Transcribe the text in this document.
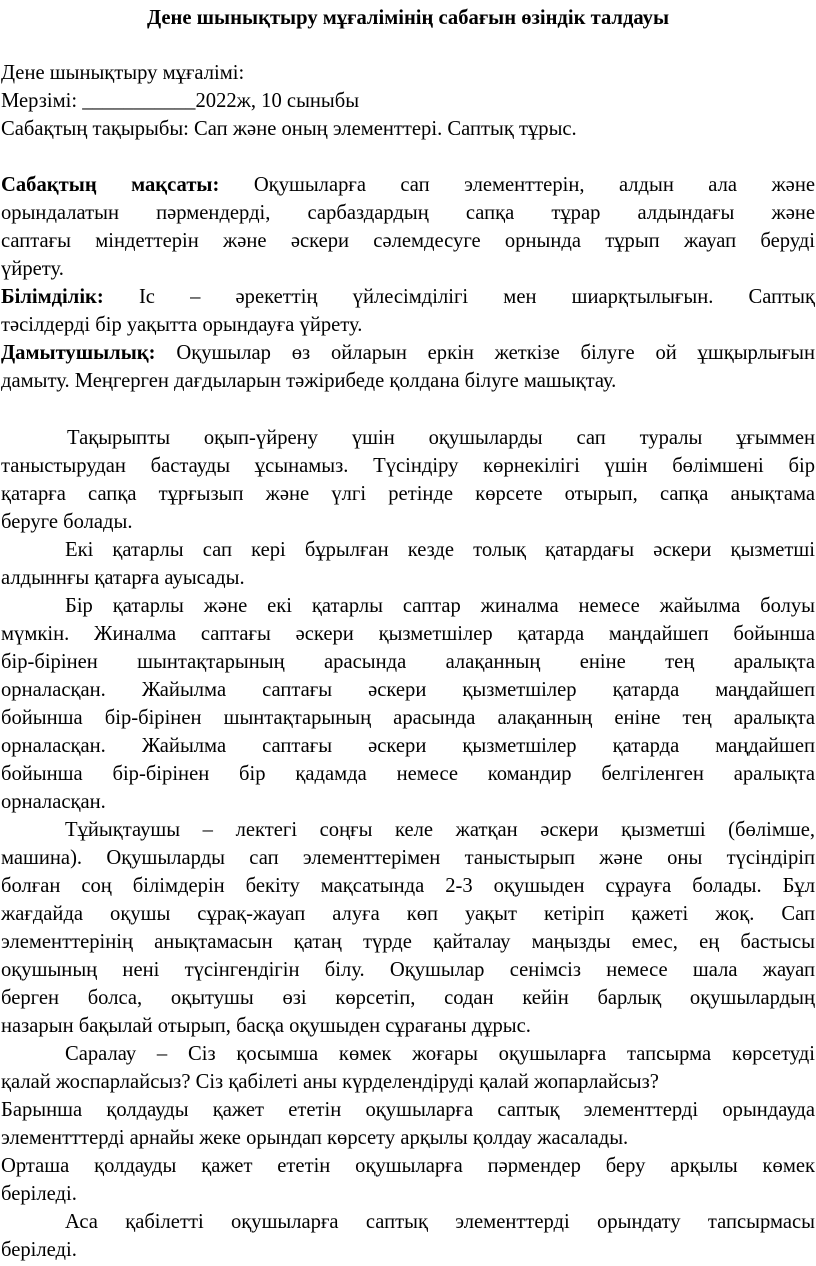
Дене шынықтыру мұғалімінің сабағын өзіндік талдауы
Дене шынықтыру мұғалімі:
Мерзімі: ___________2022ж, 10 сыныбы
Сабақтың тақырыбы: Сап және оның элементтері. Саптық тұрыс.
Сабақтың мақсаты: Оқушыларға сап элементтерін, алдын ала және
орындалатын пәрмендерді, сарбаздардың сапқа тұрар алдындағы және
саптағы міндеттерін және әскери сәлемдесуге орнында тұрып жауап беруді
үйрету.
Білімділік: Іс – әрекеттің үйлесімділігі мен шиарқтылығын. Саптық
тәсілдерді бір уақытта орындауға үйрету.
Дамытушылық: Оқушылар өз ойларын еркін жеткізе білуге ой ұшқырлығын
дамыту. Меңгерген дағдыларын тәжірибеде қолдана білуге машықтау.
Тақырыпты оқып-үйрену үшін оқушыларды сап туралы ұғыммен
таныстырудан бастауды ұсынамыз. Түсіндіру көрнекілігі үшін бөлімшені бір
қатарға сапқа тұрғызып және үлгі ретінде көрсете отырып, сапқа анықтама
беруге болады.
Екі қатарлы сап кері бұрылған кезде толық қатардағы әскери қызметші
алдыннғы қатарға ауысады.
Бір қатарлы және екі қатарлы саптар жиналма немесе жайылма болуы
мүмкін. Жиналма саптағы әскери қызметшілер қатарда маңдайшеп бойынша
бір-бірінен шынтақтарының арасында алақанның еніне тең аралықта
орналасқан. Жайылма саптағы әскери қызметшілер қатарда маңдайшеп
бойынша бір-бірінен шынтақтарының арасында алақанның еніне тең аралықта
орналасқан. Жайылма саптағы әскери қызметшілер қатарда маңдайшеп
бойынша бір-бірінен бір қадамда немесе командир белгіленген аралықта
орналасқан.
Тұйықтаушы – лектегі соңғы келе жатқан әскери қызметші (бөлімше,
машина). Оқушыларды сап элементтерімен таныстырып және оны түсіндіріп
болған соң білімдерін бекіту мақсатында 2-3 оқушыден сұрауға болады. Бұл
жағдайда оқушы сұрақ-жауап алуға көп уақыт кетіріп қажеті жоқ. Сап
элементтерінің анықтамасын қатаң түрде қайталау маңызды емес, ең бастысы
оқушының нені түсінгендігін білу. Оқушылар сенімсіз немесе шала жауап
берген болса, оқытушы өзі көрсетіп, содан кейін барлық оқушылардың
назарын бақылай отырып, басқа оқушыден сұрағаны дұрыс.
Саралау – Сіз қосымша көмек жоғары оқушыларға тапсырма көрсетуді
қалай жоспарлайсыз? Сіз қабілеті аны күрделендіруді қалай жопарлайсыз?
Барынша қолдауды қажет ететін оқушыларға саптық элементтерді орындауда
элементттерді арнайы жеке орындап көрсету арқылы қолдау жасалады.
Орташа қолдауды қажет ететін оқушыларға пәрмендер беру арқылы көмек
беріледі.
Аса қабілетті оқушыларға саптық элементтерді орындату тапсырмасы
беріледі.
